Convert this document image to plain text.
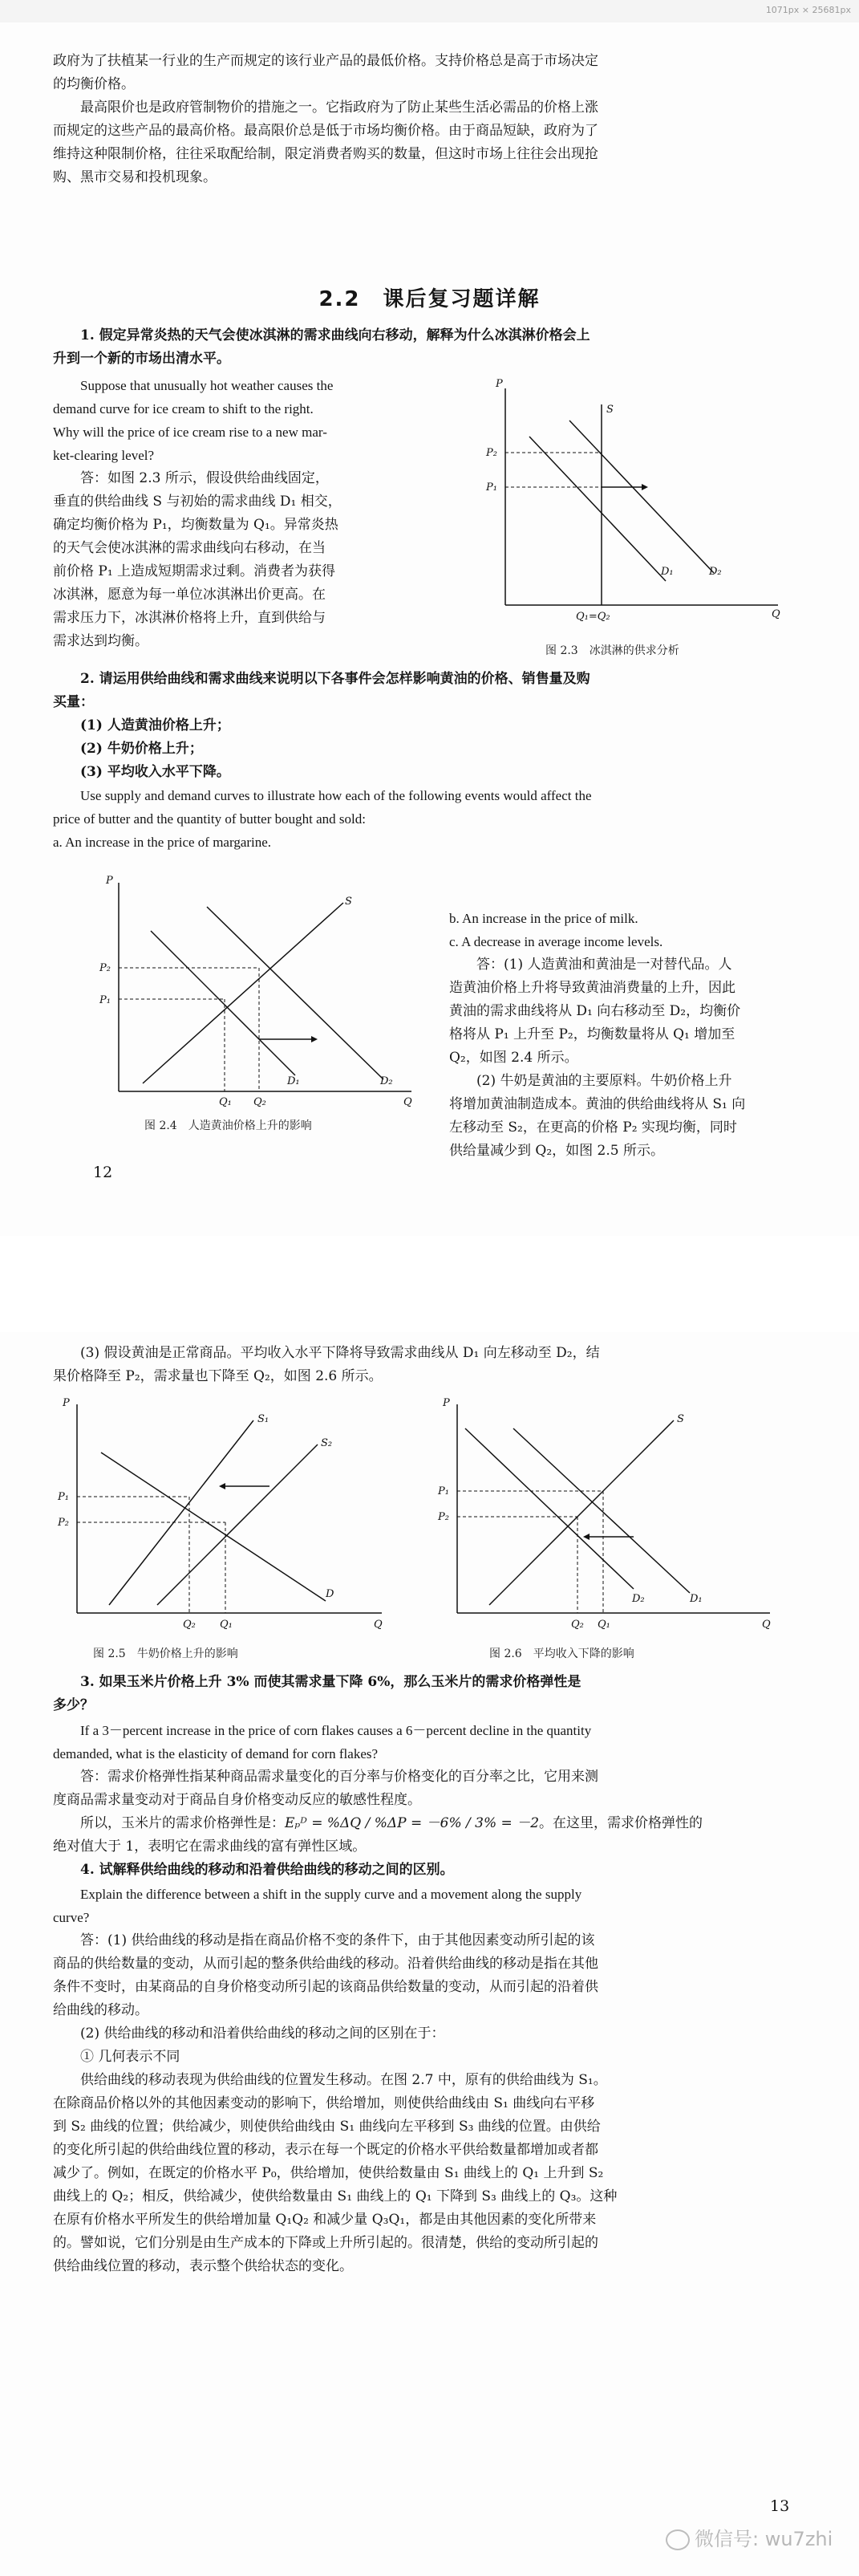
1071px × 25681px

政府为了扶植某一行业的生产而规定的该行业产品的最低价格。支持价格总是高于市场决定

的均衡价格。

最高限价也是政府管制物价的措施之一。它指政府为了防止某些生活必需品的价格上涨

而规定的这些产品的最高价格。最高限价总是低于市场均衡价格。由于商品短缺，政府为了

维持这种限制价格，往往采取配给制，限定消费者购买的数量，但这时市场上往往会出现抢

购、黑市交易和投机现象。

2.2　课后复习题详解

1. 假定异常炎热的天气会使冰淇淋的需求曲线向右移动，解释为什么冰淇淋价格会上

升到一个新的市场出清水平。

Suppose that unusually hot weather causes the

demand curve for ice cream to shift to the right.

Why will the price of ice cream rise to a new mar-

ket-clearing level?

答：如图 2.3 所示，假设供给曲线固定，

垂直的供给曲线 S 与初始的需求曲线 D₁ 相交，

确定均衡价格为 P₁，均衡数量为 Q₁。异常炎热

的天气会使冰淇淋的需求曲线向右移动，在当

前价格 P₁ 上造成短期需求过剩。消费者为获得

冰淇淋，愿意为每一单位冰淇淋出价更高。在

需求压力下，冰淇淋价格将上升，直到供给与

需求达到均衡。

P
Q
S
D₁	D₂
P₁
P₂
Q₁=Q₂
图 2.3　冰淇淋的供求分析

2. 请运用供给曲线和需求曲线来说明以下各事件会怎样影响黄油的价格、销售量及购

买量：

(1) 人造黄油价格上升；

(2) 牛奶价格上升；

(3) 平均收入水平下降。

Use supply and demand curves to illustrate how each of the following events would affect the

price of butter and the quantity of butter bought and sold:

a. An increase in the price of margarine.

P
Q
S
D₁	D₂
P₁
P₂
Q₁ Q₂
图 2.4　人造黄油价格上升的影响

b. An increase in the price of milk.

c. A decrease in average income levels.

答：(1) 人造黄油和黄油是一对替代品。人

造黄油价格上升将导致黄油消费量的上升，因此

黄油的需求曲线将从 D₁ 向右移动至 D₂，均衡价

格将从 P₁ 上升至 P₂，均衡数量将从 Q₁ 增加至

Q₂，如图 2.4 所示。

(2) 牛奶是黄油的主要原料。牛奶价格上升

将增加黄油制造成本。黄油的供给曲线将从 S₁ 向

左移动至 S₂，在更高的价格 P₂ 实现均衡，同时

供给量减少到 Q₂，如图 2.5 所示。

12

(3) 假设黄油是正常商品。平均收入水平下降将导致需求曲线从 D₁ 向左移动至 D₂，结

果价格降至 P₂，需求量也下降至 Q₂，如图 2.6 所示。

P
Q
S₁
S₂
D
P₁
P₂
Q₂ Q₁
图 2.5　牛奶价格上升的影响
P
Q
S
D₂	D₁
P₁
P₂
Q₂ Q₁
图 2.6　平均收入下降的影响

3. 如果玉米片价格上升 3% 而使其需求量下降 6%，那么玉米片的需求价格弹性是

多少？

If a 3－percent increase in the price of corn flakes causes a 6－percent decline in the quantity

demanded, what is the elasticity of demand for corn flakes?

答：需求价格弹性指某种商品需求量变化的百分率与价格变化的百分率之比，它用来测

度商品需求量变动对于商品自身价格变动反应的敏感性程度。

所以，玉米片的需求价格弹性是：Eₚᴰ = %ΔQ / %ΔP = －6% / 3% = －2。在这里，需求价格弹性的

绝对值大于 1，表明它在需求曲线的富有弹性区域。

4. 试解释供给曲线的移动和沿着供给曲线的移动之间的区别。

Explain the difference between a shift in the supply curve and a movement along the supply

curve?

答：(1) 供给曲线的移动是指在商品价格不变的条件下，由于其他因素变动所引起的该

商品的供给数量的变动，从而引起的整条供给曲线的移动。沿着供给曲线的移动是指在其他

条件不变时，由某商品的自身价格变动所引起的该商品供给数量的变动，从而引起的沿着供

给曲线的移动。

(2) 供给曲线的移动和沿着供给曲线的移动之间的区别在于：

① 几何表示不同

供给曲线的移动表现为供给曲线的位置发生移动。在图 2.7 中，原有的供给曲线为 S₁。

在除商品价格以外的其他因素变动的影响下，供给增加，则使供给曲线由 S₁ 曲线向右平移

到 S₂ 曲线的位置；供给减少，则使供给曲线由 S₁ 曲线向左平移到 S₃ 曲线的位置。由供给

的变化所引起的供给曲线位置的移动，表示在每一个既定的价格水平供给数量都增加或者都

减少了。例如，在既定的价格水平 P₀，供给增加，使供给数量由 S₁ 曲线上的 Q₁ 上升到 S₂

曲线上的 Q₂；相反，供给减少，使供给数量由 S₁ 曲线上的 Q₁ 下降到 S₃ 曲线上的 Q₃。这种

在原有价格水平所发生的供给增加量 Q₁Q₂ 和减少量 Q₃Q₁，都是由其他因素的变化所带来

的。譬如说，它们分别是由生产成本的下降或上升所引起的。很清楚，供给的变动所引起的

供给曲线位置的移动，表示整个供给状态的变化。

13
微信号: wu7zhi
